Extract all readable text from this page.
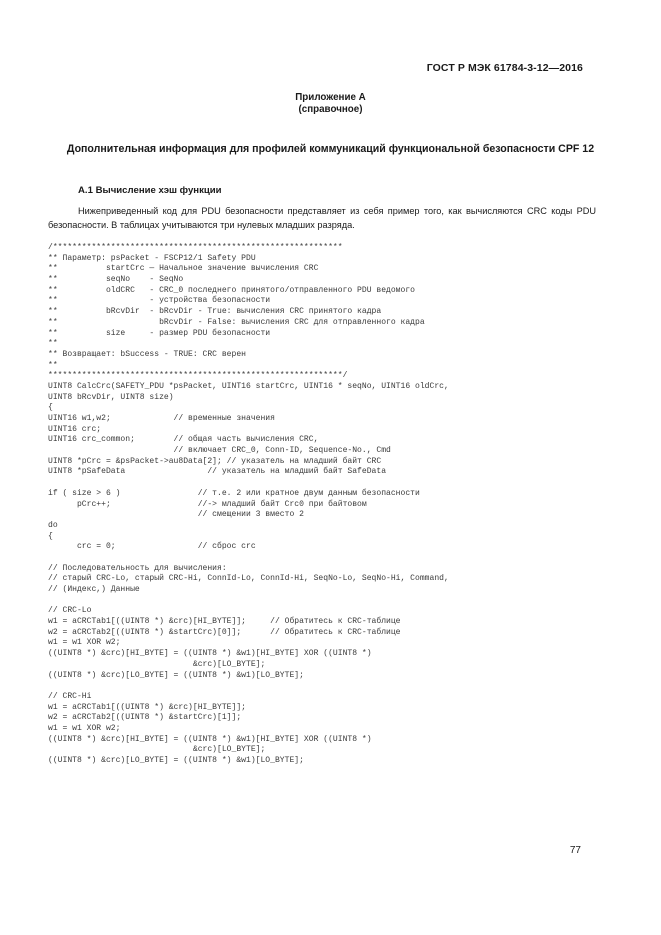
ГОСТ Р МЭК 61784-3-12—2016
Приложение А
(справочное)
Дополнительная информация для профилей коммуникаций функциональной безопасности CPF 12
А.1 Вычисление хэш функции
Нижеприведенный код для PDU безопасности представляет из себя пример того, как вычисляются CRC коды PDU безопасности. В таблицах учитываются три нулевых младших разряда.
/************************************************************
** Параметр: psPacket - FSCP12/1 Safety PDU
**          startCrc — Начальное значение вычисления CRC
**          seqNo    - SeqNo
**          oldCRC   - CRC_0 последнего принятого/отправленного PDU ведомого
**                   - устройства безопасности
**          bRcvDir  - bRcvDir - True: вычисления CRC принятого кадра
**                     bRcvDir - False: вычисления CRC для отправленного кадра
**          size     - размер PDU безопасности
**
** Возвращает: bSuccess - TRUE: CRC верен
**
*************************************************************/
UINT8 CalcCrc(SAFETY_PDU *psPacket, UINT16 startCrc, UINT16 * seqNo, UINT16 oldCrc,
UINT8 bRcvDir, UINT8 size)
{
UINT16 w1,w2;             // временные значения
UINT16 crc;
UINT16 crc_common;        // общая часть вычисления CRC,
// включает CRC_0, Conn-ID, Sequence-No., Cmd
UINT8 *pCrc = &psPacket->au8Data[2]; // указатель на младший байт CRC
UINT8 *pSafeData                 // указатель на младший байт SafeData
if ( size > 6 )                // т.е. 2 или кратное двум данным безопасности
pCrc++;                  //-> младший байт Crc0 при байтовом
// смещении 3 вместо 2
do
{
crc = 0;                 // сброс crc
// Последовательность для вычисления:
// старый CRC-Lo, старый CRC-Hi, ConnId-Lo, ConnId-Hi, SeqNo-Lo, SeqNo-Hi, Command,
// (Индекс,) Данные
// CRC-Lo
w1 = aCRCTab1[((UINT8 *) &crc)[HI_BYTE]];     // Обратитесь к CRC-таблице
w2 = aCRCTab2[((UINT8 *) &startCrc)[0]];      // Обратитесь к CRC-таблице
w1 = w1 XOR w2;
((UINT8 *) &crc)[HI_BYTE] = ((UINT8 *) &w1)[HI_BYTE] XOR ((UINT8 *)
&crc)[LO_BYTE];
((UINT8 *) &crc)[LO_BYTE] = ((UINT8 *) &w1)[LO_BYTE];
// CRC-Hi
w1 = aCRCTab1[((UINT8 *) &crc)[HI_BYTE]];
w2 = aCRCTab2[((UINT8 *) &startCrc)[1]];
w1 = w1 XOR w2;
((UINT8 *) &crc)[HI_BYTE] = ((UINT8 *) &w1)[HI_BYTE] XOR ((UINT8 *)
&crc)[LO_BYTE];
((UINT8 *) &crc)[LO_BYTE] = ((UINT8 *) &w1)[LO_BYTE];
77
